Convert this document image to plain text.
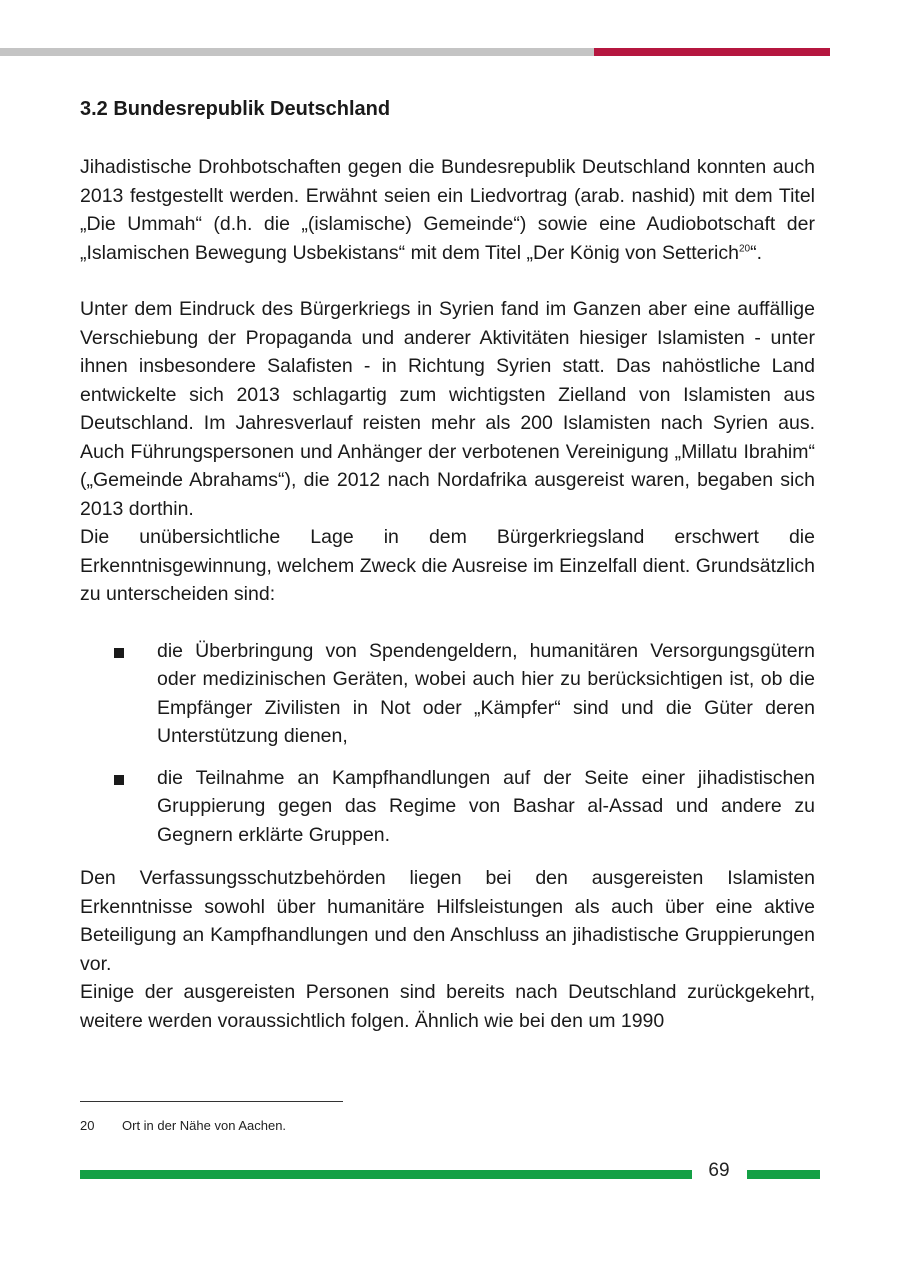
3.2 Bundesrepublik Deutschland

Jihadistische Drohbotschaften gegen die Bundesrepublik Deutschland konnten auch 2013 festgestellt werden. Erwähnt seien ein Liedvortrag (arab. nashid) mit dem Titel „Die Ummah“ (d.h. die „(islamische) Gemeinde“) sowie eine Audiobotschaft der „Islamischen Bewegung Usbekistans“ mit dem Titel „Der König von Setterich$^{20}$“.

Unter dem Eindruck des Bürgerkriegs in Syrien fand im Ganzen aber eine auffällige Verschiebung der Propaganda und anderer Aktivitäten hiesiger Islamisten - unter ihnen insbesondere Salafisten - in Richtung Syrien statt. Das nahöstliche Land entwickelte sich 2013 schlagartig zum wichtigsten Zielland von Islamisten aus Deutschland. Im Jahresverlauf reisten mehr als 200 Islamisten nach Syrien aus. Auch Führungspersonen und Anhänger der verbotenen Vereinigung „Millatu Ibrahim“ („Gemeinde Abrahams“), die 2012 nach Nordafrika ausgereist waren, begaben sich 2013 dorthin.

Die unübersichtliche Lage in dem Bürgerkriegsland erschwert die Erkenntnisgewinnung, welchem Zweck die Ausreise im Einzelfall dient. Grundsätzlich zu unterscheiden sind:

die Überbringung von Spendengeldern, humanitären Versorgungsgütern oder medizinischen Geräten, wobei auch hier zu berücksichtigen ist, ob die Empfänger Zivilisten in Not oder „Kämpfer“ sind und die Güter deren Unterstützung dienen,
die Teilnahme an Kampfhandlungen auf der Seite einer jihadistischen Gruppierung gegen das Regime von Bashar al-Assad und andere zu Gegnern erklärte Gruppen.

Den Verfassungsschutzbehörden liegen bei den ausgereisten Islamisten Erkenntnisse sowohl über humanitäre Hilfsleistungen als auch über eine aktive Beteiligung an Kampfhandlungen und den Anschluss an jihadistische Gruppierungen vor.

Einige der ausgereisten Personen sind bereits nach Deutschland zurückgekehrt, weitere werden voraussichtlich folgen. Ähnlich wie bei den um 1990

20 Ort in der Nähe von Aachen.
69
